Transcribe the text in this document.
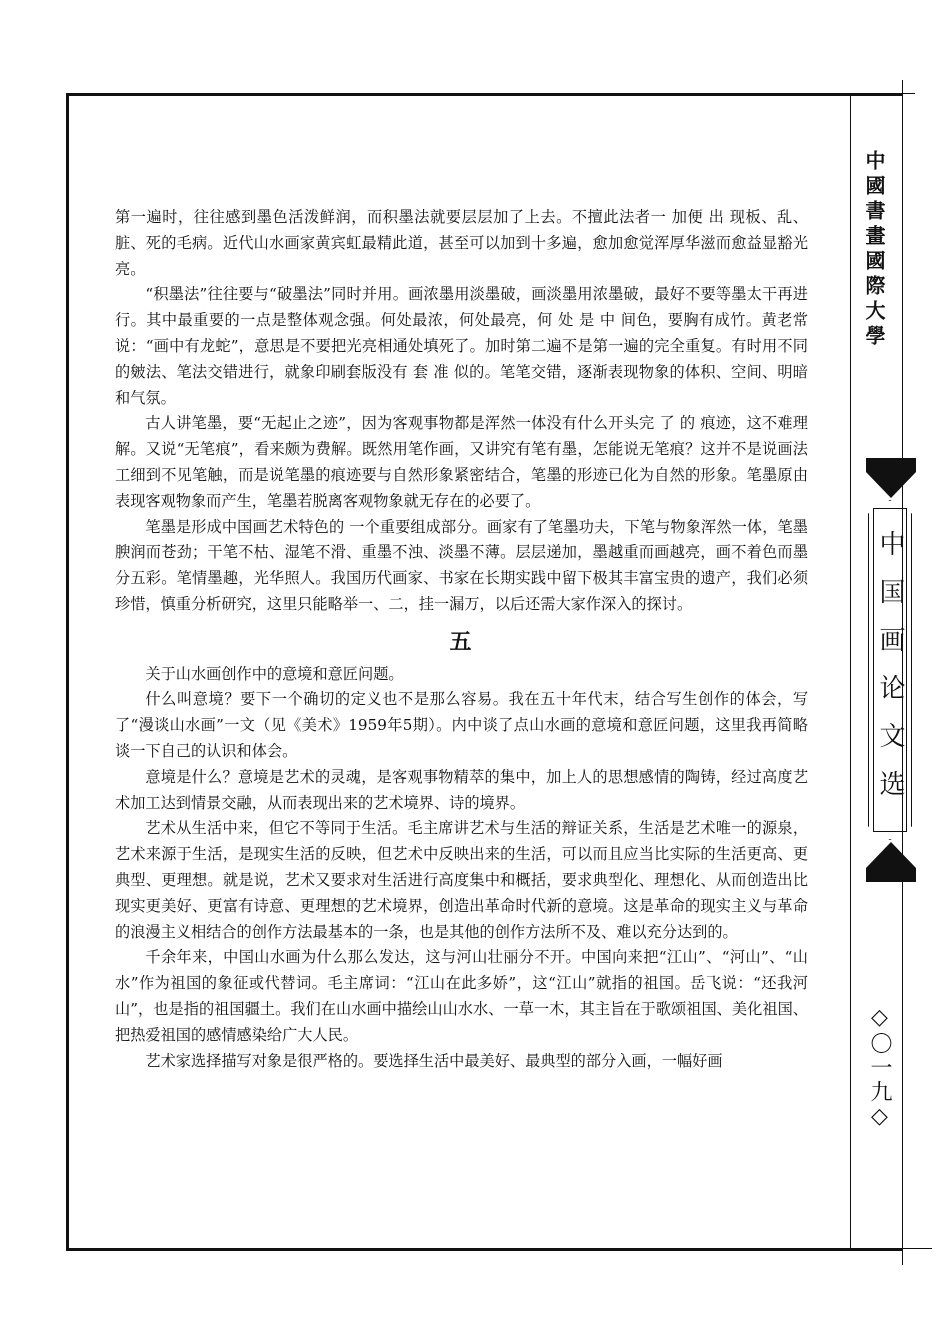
中國書畫國際大學
中国画论文选
◇〇一九◇

第一遍时，往往感到墨色活泼鲜润，而积墨法就要层层加了上去。不擅此法者一 加便 出 现板、乱、脏、死的毛病。近代山水画家黄宾虹最精此道，甚至可以加到十多遍，愈加愈觉浑厚华滋而愈益显豁光亮。

“积墨法”往往要与“破墨法”同时并用。画浓墨用淡墨破，画淡墨用浓墨破，最好不要等墨太干再进行。其中最重要的一点是整体观念强。何处最浓，何处最亮，何 处 是 中 间色，要胸有成竹。黄老常说：“画中有龙蛇”，意思是不要把光亮相通处填死了。加时第二遍不是第一遍的完全重复。有时用不同的皴法、笔法交错进行，就象印刷套版没有 套 准 似的。笔笔交错，逐渐表现物象的体积、空间、明暗和气氛。

古人讲笔墨，要“无起止之迹”，因为客观事物都是浑然一体没有什么开头完 了 的 痕迹，这不难理解。又说“无笔痕”，看来颇为费解。既然用笔作画，又讲究有笔有墨，怎能说无笔痕？这并不是说画法工细到不见笔触，而是说笔墨的痕迹要与自然形象紧密结合，笔墨的形迹已化为自然的形象。笔墨原由表现客观物象而产生，笔墨若脱离客观物象就无存在的必要了。

笔墨是形成中国画艺术特色的 一个重要组成部分。画家有了笔墨功夫，下笔与物象浑然一体，笔墨腴润而苍劲；干笔不枯、湿笔不滑、重墨不浊、淡墨不薄。层层递加，墨越重而画越亮，画不着色而墨分五彩。笔情墨趣，光华照人。我国历代画家、书家在长期实践中留下极其丰富宝贵的遗产，我们必须珍惜，慎重分析研究，这里只能略举一、二，挂一漏万，以后还需大家作深入的探讨。

五

关于山水画创作中的意境和意匠问题。

什么叫意境？要下一个确切的定义也不是那么容易。我在五十年代末，结合写生创作的体会，写了“漫谈山水画”一文（见《美术》1959年5期）。内中谈了点山水画的意境和意匠问题，这里我再简略谈一下自己的认识和体会。

意境是什么？意境是艺术的灵魂，是客观事物精萃的集中，加上人的思想感情的陶铸，经过高度艺术加工达到情景交融，从而表现出来的艺术境界、诗的境界。

艺术从生活中来，但它不等同于生活。毛主席讲艺术与生活的辩证关系，生活是艺术唯一的源泉，艺术来源于生活，是现实生活的反映，但艺术中反映出来的生活，可以而且应当比实际的生活更高、更典型、更理想。就是说，艺术又要求对生活进行高度集中和概括，要求典型化、理想化、从而创造出比现实更美好、更富有诗意、更理想的艺术境界，创造出革命时代新的意境。这是革命的现实主义与革命的浪漫主义相结合的创作方法最基本的一条，也是其他的创作方法所不及、难以充分达到的。

千余年来，中国山水画为什么那么发达，这与河山壮丽分不开。中国向来把“江山”、“河山”、“山水”作为祖国的象征或代替词。毛主席词：“江山在此多娇”，这“江山”就指的祖国。岳飞说：“还我河山”，也是指的祖国疆土。我们在山水画中描绘山山水水、一草一木，其主旨在于歌颂祖国、美化祖国、把热爱祖国的感情感染给广大人民。

艺术家选择描写对象是很严格的。要选择生活中最美好、最典型的部分入画，一幅好画
